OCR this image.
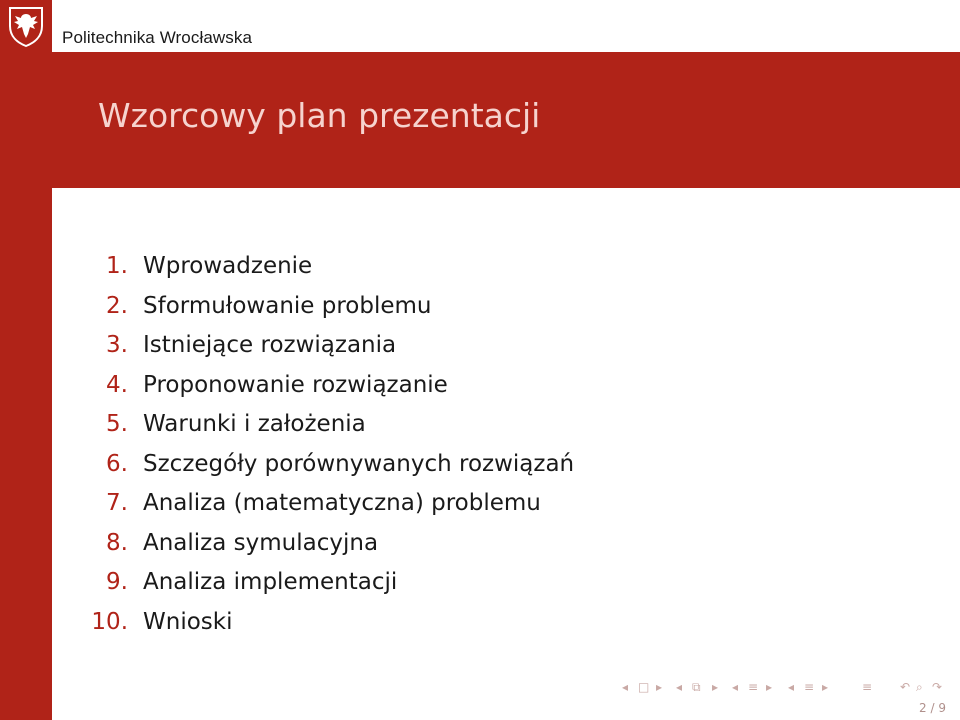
Politechnika Wrocławska
Wzorcowy plan prezentacji
1. Wprowadzenie
2. Sformułowanie problemu
3. Istniejące rozwiązania
4. Proponowanie rozwiązanie
5. Warunki i założenia
6. Szczegóły porównywanych rozwiązań
7. Analiza (matematyczna) problemu
8. Analiza symulacyjna
9. Analiza implementacji
10. Wnioski
◂ □ ▸ ◂ ⧉ ▸ ◂ ≡ ▸ ◂ ≡ ▸	≡ ↶ ⌕ ↷
2 / 9
